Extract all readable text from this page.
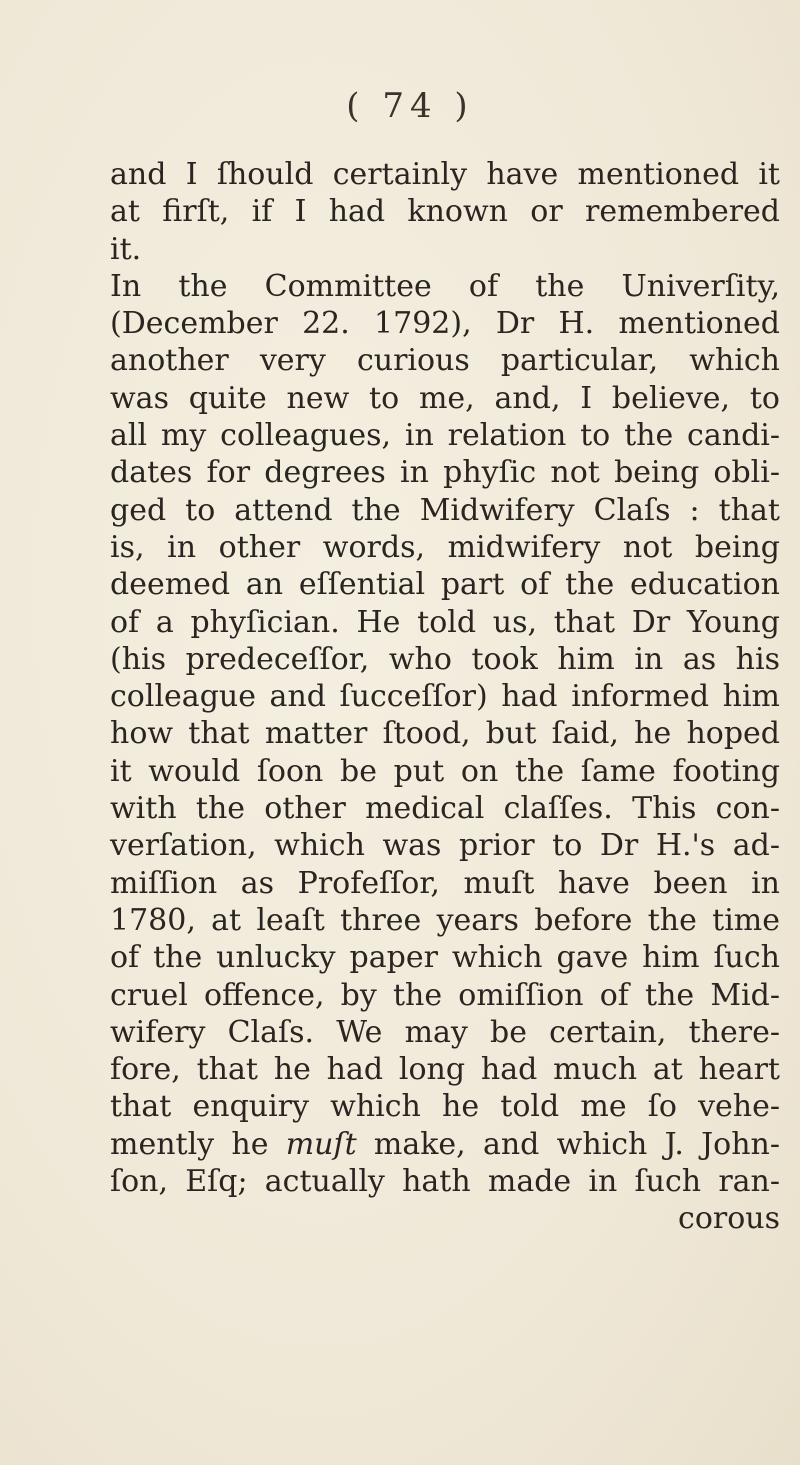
( 74 )
and I ſhould certainly have mentioned it
at firſt, if I had known or remembered
it.
In the Committee of the Univerſity,
(December 22. 1792), Dr H. mentioned
another very curious particular, which
was quite new to me, and, I believe, to
all my colleagues, in relation to the candi-
dates for degrees in phyſic not being obli-
ged to attend the Midwifery Claſs : that
is, in other words, midwifery not being
deemed an eſſential part of the education
of a phyſician. He told us, that Dr Young
(his predeceſſor, who took him in as his
colleague and ſucceſſor) had informed him
how that matter ſtood, but ſaid, he hoped
it would ſoon be put on the ſame footing
with the other medical claſſes. This con-
verſation, which was prior to Dr H.'s ad-
miſſion as Profeſſor, muſt have been in
1780, at leaſt three years before the time
of the unlucky paper which gave him ſuch
cruel offence, by the omiſſion of the Mid-
wifery Claſs. We may be certain, there-
fore, that he had long had much at heart
that enquiry which he told me ſo vehe-
mently he muſt make, and which J. John-
ſon, Eſq; actually hath made in ſuch ran-
corous
